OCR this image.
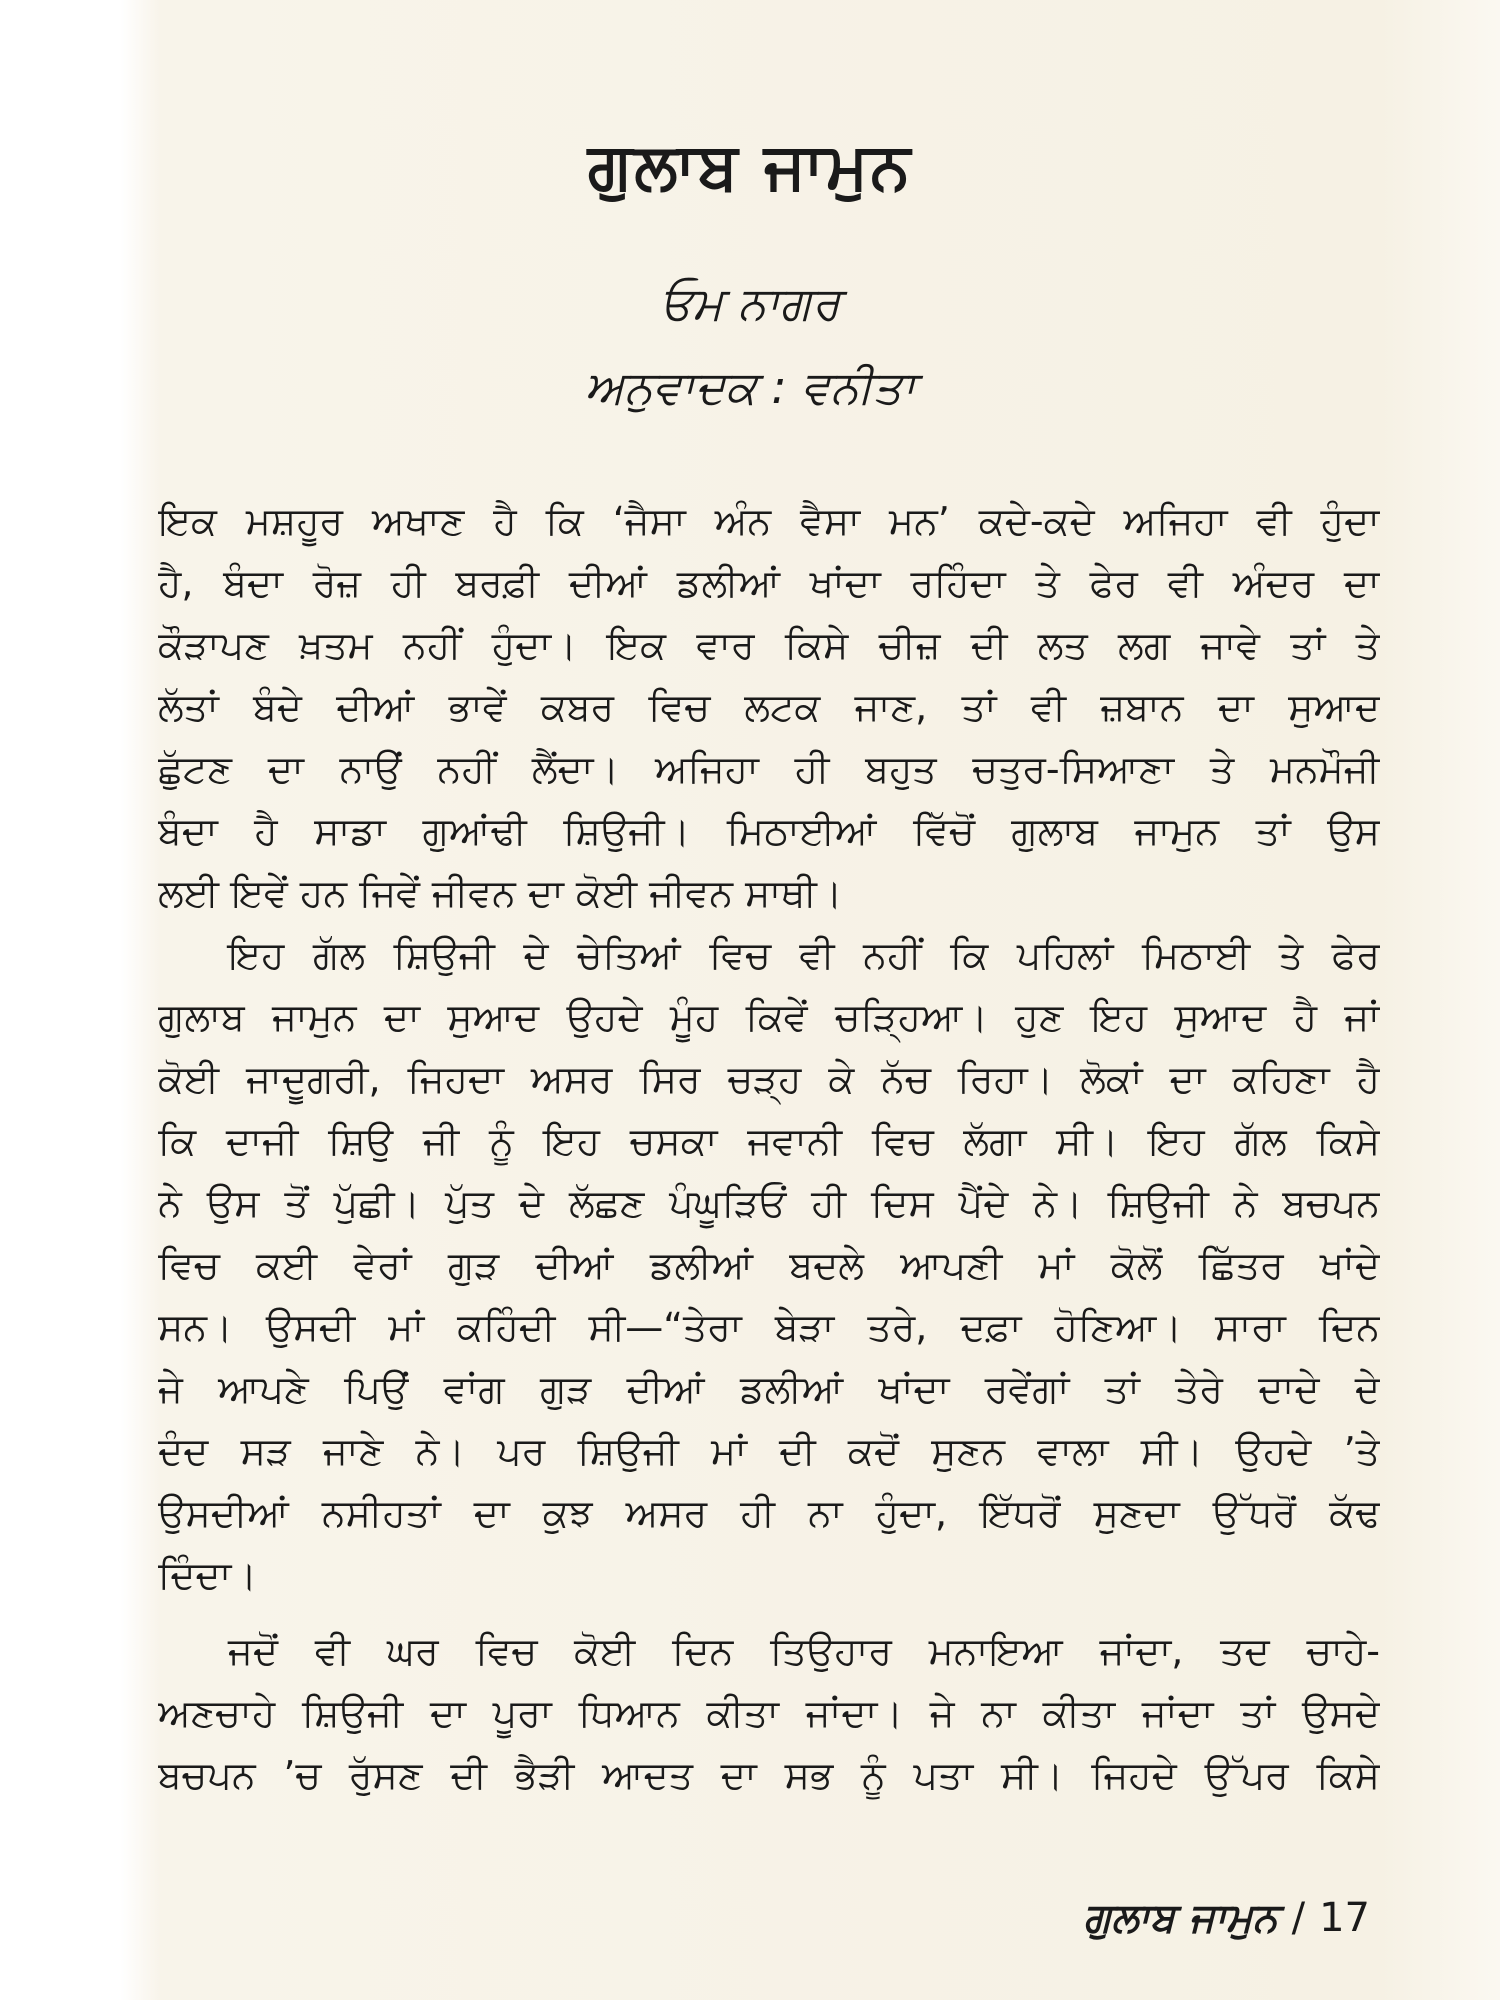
ਗੁਲਾਬ ਜਾਮੁਨ
ਓਮ ਨਾਗਰ
ਅਨੁਵਾਦਕ : ਵਨੀਤਾ
ਇਕ ਮਸ਼ਹੂਰ ਅਖਾਣ ਹੈ ਕਿ ‘ਜੈਸਾ ਅੰਨ ਵੈਸਾ ਮਨ’ ਕਦੇ-ਕਦੇ ਅਜਿਹਾ ਵੀ ਹੁੰਦਾ
ਹੈ, ਬੰਦਾ ਰੋਜ਼ ਹੀ ਬਰਫ਼ੀ ਦੀਆਂ ਡਲੀਆਂ ਖਾਂਦਾ ਰਹਿੰਦਾ ਤੇ ਫੇਰ ਵੀ ਅੰਦਰ ਦਾ
ਕੌੜਾਪਣ ਖ਼ਤਮ ਨਹੀਂ ਹੁੰਦਾ। ਇਕ ਵਾਰ ਕਿਸੇ ਚੀਜ਼ ਦੀ ਲਤ ਲਗ ਜਾਵੇ ਤਾਂ ਤੇ
ਲੱਤਾਂ ਬੰਦੇ ਦੀਆਂ ਭਾਵੇਂ ਕਬਰ ਵਿਚ ਲਟਕ ਜਾਣ, ਤਾਂ ਵੀ ਜ਼ਬਾਨ ਦਾ ਸੁਆਦ
ਛੁੱਟਣ ਦਾ ਨਾਉਂ ਨਹੀਂ ਲੈਂਦਾ। ਅਜਿਹਾ ਹੀ ਬਹੁਤ ਚਤੁਰ-ਸਿਆਣਾ ਤੇ ਮਨਮੌਜੀ
ਬੰਦਾ ਹੈ ਸਾਡਾ ਗੁਆਂਢੀ ਸ਼ਿਉਜੀ। ਮਿਠਾਈਆਂ ਵਿੱਚੋਂ ਗੁਲਾਬ ਜਾਮੁਨ ਤਾਂ ਉਸ
ਲਈ ਇਵੇਂ ਹਨ ਜਿਵੇਂ ਜੀਵਨ ਦਾ ਕੋਈ ਜੀਵਨ ਸਾਥੀ।
ਇਹ ਗੱਲ ਸ਼ਿਉਜੀ ਦੇ ਚੇਤਿਆਂ ਵਿਚ ਵੀ ਨਹੀਂ ਕਿ ਪਹਿਲਾਂ ਮਿਠਾਈ ਤੇ ਫੇਰ
ਗੁਲਾਬ ਜਾਮੁਨ ਦਾ ਸੁਆਦ ਉਹਦੇ ਮੂੰਹ ਕਿਵੇਂ ਚੜ੍ਹਿਆ। ਹੁਣ ਇਹ ਸੁਆਦ ਹੈ ਜਾਂ
ਕੋਈ ਜਾਦੂਗਰੀ, ਜਿਹਦਾ ਅਸਰ ਸਿਰ ਚੜ੍ਹ ਕੇ ਨੱਚ ਰਿਹਾ। ਲੋਕਾਂ ਦਾ ਕਹਿਣਾ ਹੈ
ਕਿ ਦਾਜੀ ਸ਼ਿਉ ਜੀ ਨੂੰ ਇਹ ਚਸਕਾ ਜਵਾਨੀ ਵਿਚ ਲੱਗਾ ਸੀ। ਇਹ ਗੱਲ ਕਿਸੇ
ਨੇ ਉਸ ਤੋਂ ਪੁੱਛੀ। ਪੁੱਤ ਦੇ ਲੱਛਣ ਪੰਘੂੜਿਓਂ ਹੀ ਦਿਸ ਪੈਂਦੇ ਨੇ। ਸ਼ਿਉਜੀ ਨੇ ਬਚਪਨ
ਵਿਚ ਕਈ ਵੇਰਾਂ ਗੁੜ ਦੀਆਂ ਡਲੀਆਂ ਬਦਲੇ ਆਪਣੀ ਮਾਂ ਕੋਲੋਂ ਛਿੱਤਰ ਖਾਂਦੇ
ਸਨ। ਉਸਦੀ ਮਾਂ ਕਹਿੰਦੀ ਸੀ—“ਤੇਰਾ ਬੇੜਾ ਤਰੇ, ਦਫ਼ਾ ਹੋਣਿਆ। ਸਾਰਾ ਦਿਨ
ਜੇ ਆਪਣੇ ਪਿਉਂ ਵਾਂਗ ਗੁੜ ਦੀਆਂ ਡਲੀਆਂ ਖਾਂਦਾ ਰਵੇਂਗਾਂ ਤਾਂ ਤੇਰੇ ਦਾਦੇ ਦੇ
ਦੰਦ ਸੜ ਜਾਣੇ ਨੇ। ਪਰ ਸ਼ਿਉਜੀ ਮਾਂ ਦੀ ਕਦੋਂ ਸੁਣਨ ਵਾਲਾ ਸੀ। ਉਹਦੇ ’ਤੇ
ਉਸਦੀਆਂ ਨਸੀਹਤਾਂ ਦਾ ਕੁਝ ਅਸਰ ਹੀ ਨਾ ਹੁੰਦਾ, ਇੱਧਰੋਂ ਸੁਣਦਾ ਉੱਧਰੋਂ ਕੱਢ
ਦਿੰਦਾ।
ਜਦੋਂ ਵੀ ਘਰ ਵਿਚ ਕੋਈ ਦਿਨ ਤਿਉਹਾਰ ਮਨਾਇਆ ਜਾਂਦਾ, ਤਦ ਚਾਹੇ-
ਅਣਚਾਹੇ ਸ਼ਿਉਜੀ ਦਾ ਪੂਰਾ ਧਿਆਨ ਕੀਤਾ ਜਾਂਦਾ। ਜੇ ਨਾ ਕੀਤਾ ਜਾਂਦਾ ਤਾਂ ਉਸਦੇ
ਬਚਪਨ ’ਚ ਰੁੱਸਣ ਦੀ ਭੈੜੀ ਆਦਤ ਦਾ ਸਭ ਨੂੰ ਪਤਾ ਸੀ। ਜਿਹਦੇ ਉੱਪਰ ਕਿਸੇ
ਗੁਲਾਬ ਜਾਮੁਨ / 17
